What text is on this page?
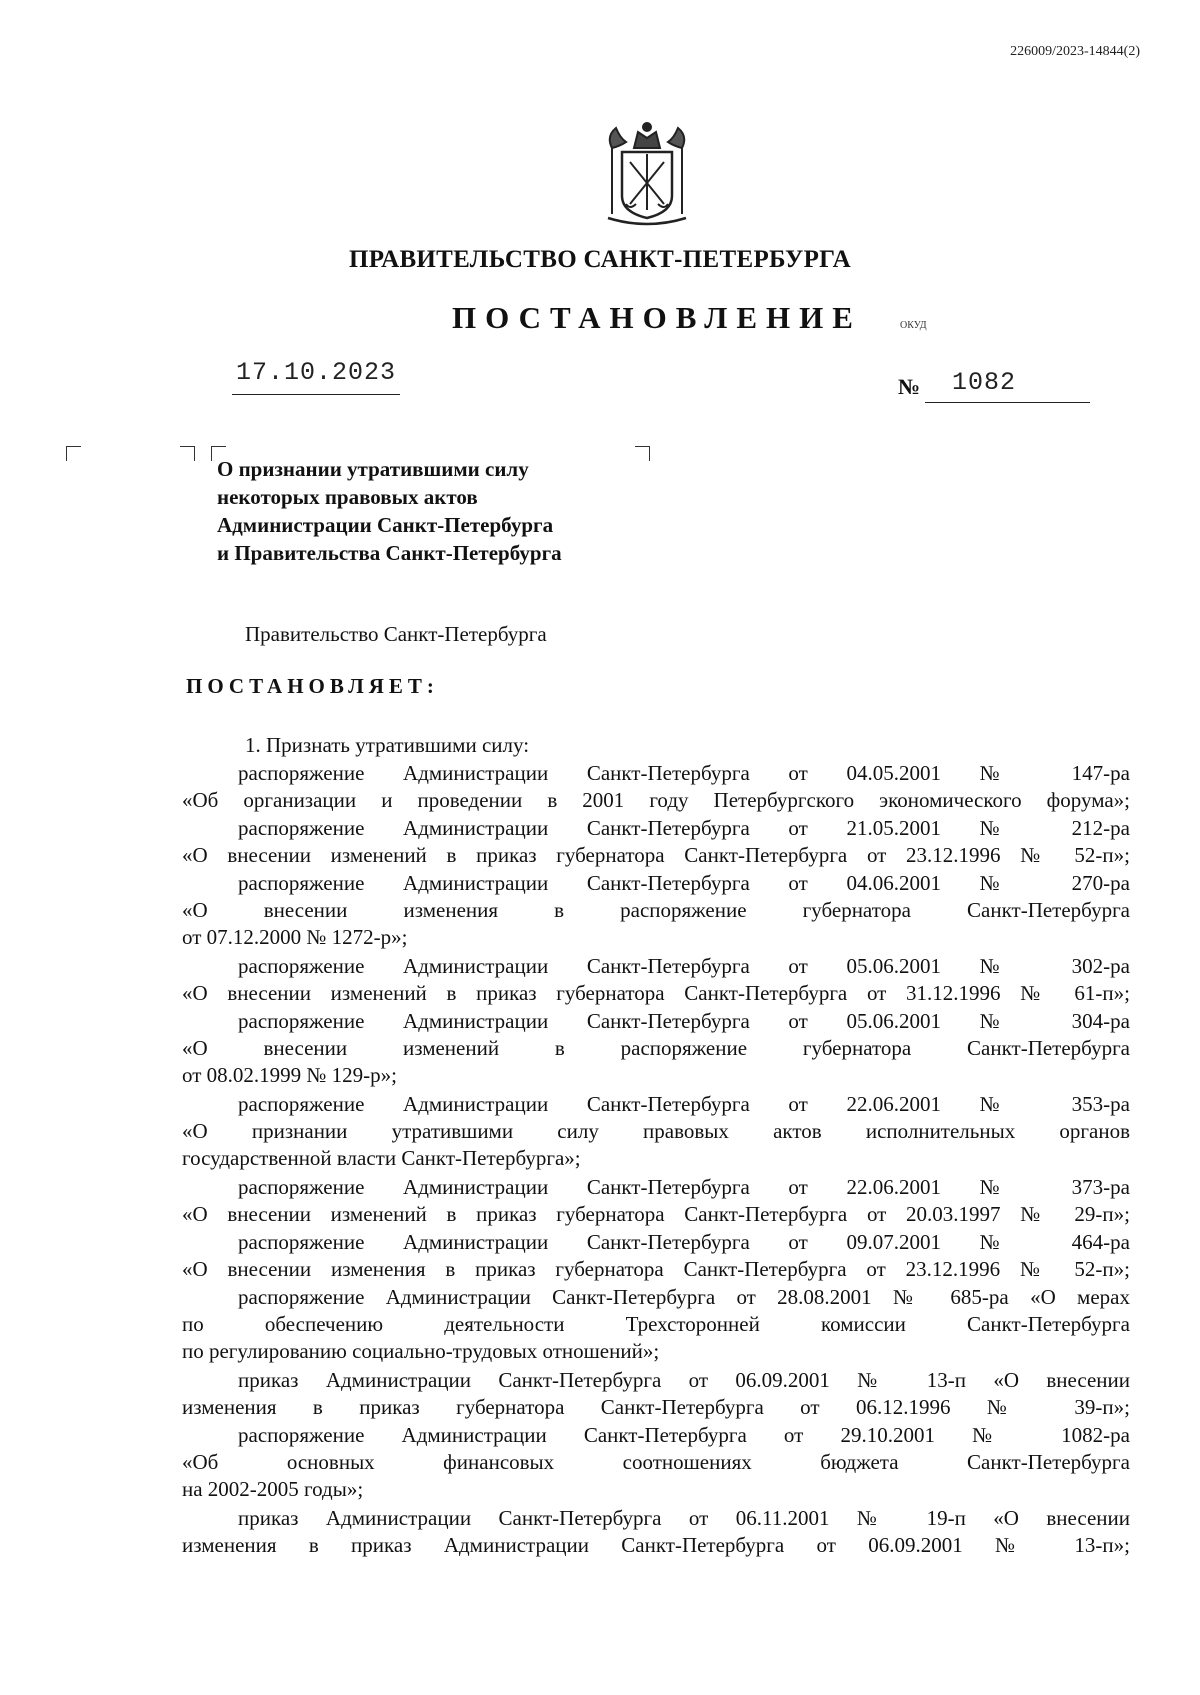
226009/2023-14844(2)
ПРАВИТЕЛЬСТВО САНКТ-ПЕТЕРБУРГА
ПОСТАНОВЛЕНИЕ	ОКУД
17.10.2023	№ 1082
О признании утратившими силу
некоторых правовых актов
Администрации Санкт-Петербурга
и Правительства Санкт-Петербурга
Правительство Санкт-Петербурга
ПОСТАНОВЛЯЕТ:
1. Признать утратившими силу:
распоряжение Администрации Санкт-Петербурга от 04.05.2001 № 147-ра
«Об организации и проведении в 2001 году Петербургского экономического форума»;
распоряжение Администрации Санкт-Петербурга от 21.05.2001 № 212-ра
«О внесении изменений в приказ губернатора Санкт-Петербурга от 23.12.1996 № 52-п»;
распоряжение Администрации Санкт-Петербурга от 04.06.2001 № 270-ра
«О внесении изменения в распоряжение губернатора Санкт-Петербурга
от 07.12.2000 № 1272-р»;
распоряжение Администрации Санкт-Петербурга от 05.06.2001 № 302-ра
«О внесении изменений в приказ губернатора Санкт-Петербурга от 31.12.1996 № 61-п»;
распоряжение Администрации Санкт-Петербурга от 05.06.2001 № 304-ра
«О внесении изменений в распоряжение губернатора Санкт-Петербурга
от 08.02.1999 № 129-р»;
распоряжение Администрации Санкт-Петербурга от 22.06.2001 № 353-ра
«О признании утратившими силу правовых актов исполнительных органов
государственной власти Санкт-Петербурга»;
распоряжение Администрации Санкт-Петербурга от 22.06.2001 № 373-ра
«О внесении изменений в приказ губернатора Санкт-Петербурга от 20.03.1997 № 29-п»;
распоряжение Администрации Санкт-Петербурга от 09.07.2001 № 464-ра
«О внесении изменения в приказ губернатора Санкт-Петербурга от 23.12.1996 № 52-п»;
распоряжение Администрации Санкт-Петербурга от 28.08.2001 № 685-ра «О мерах
по обеспечению деятельности Трехсторонней комиссии Санкт-Петербурга
по регулированию социально-трудовых отношений»;
приказ Администрации Санкт-Петербурга от 06.09.2001 № 13-п «О внесении
изменения в приказ губернатора Санкт-Петербурга от 06.12.1996 № 39-п»;
распоряжение Администрации Санкт-Петербурга от 29.10.2001 № 1082-ра
«Об основных финансовых соотношениях бюджета Санкт-Петербурга
на 2002-2005 годы»;
приказ Администрации Санкт-Петербурга от 06.11.2001 № 19-п «О внесении
изменения в приказ Администрации Санкт-Петербурга от 06.09.2001 № 13-п»;
